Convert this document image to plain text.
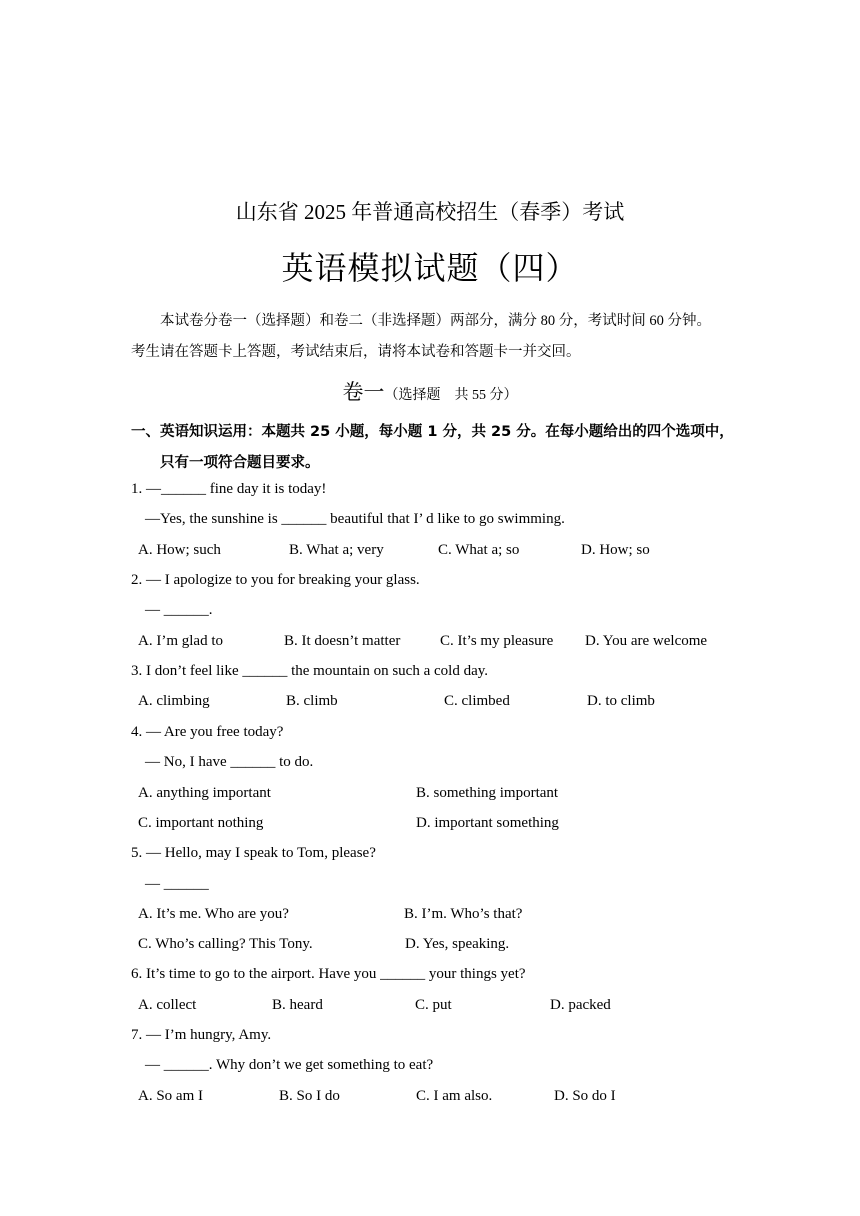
山东省 2025 年普通高校招生（春季）考试
英语模拟试题（四）
本试卷分卷一（选择题）和卷二（非选择题）两部分，满分 80 分，考试时间 60 分钟。
考生请在答题卡上答题，考试结束后，请将本试卷和答题卡一并交回。
卷一（选择题　共 55 分）
一、英语知识运用：本题共 25 小题，每小题 1 分，共 25 分。在每小题给出的四个选项中，
只有一项符合题目要求。
1. —______ fine day it is today!
—Yes, the sunshine is ______ beautiful that I’ d like to go swimming.
A. How; such	B. What a; very	C. What a; so	D. How; so
2. — I apologize to you for breaking your glass.
— ______.
A. I’m glad to	B. It doesn’t matter	C. It’s my pleasure D. You are welcome
3. I don’t feel like ______ the mountain on such a cold day.
A. climbing	B. climb	C. climbed	D. to climb
4. — Are you free today?
— No, I have ______ to do.
A. anything important	B. something important
C. important nothing	D. important something
5. — Hello, may I speak to Tom, please?
— ______
A. It’s me. Who are you?	B. I’m. Who’s that?
C. Who’s calling? This Tony.	D. Yes, speaking.
6. It’s time to go to the airport. Have you ______ your things yet?
A. collect	B. heard	C. put	D. packed
7. — I’m hungry, Amy.
— ______. Why don’t we get something to eat?
A. So am I	B. So I do	C. I am also.	D. So do I
